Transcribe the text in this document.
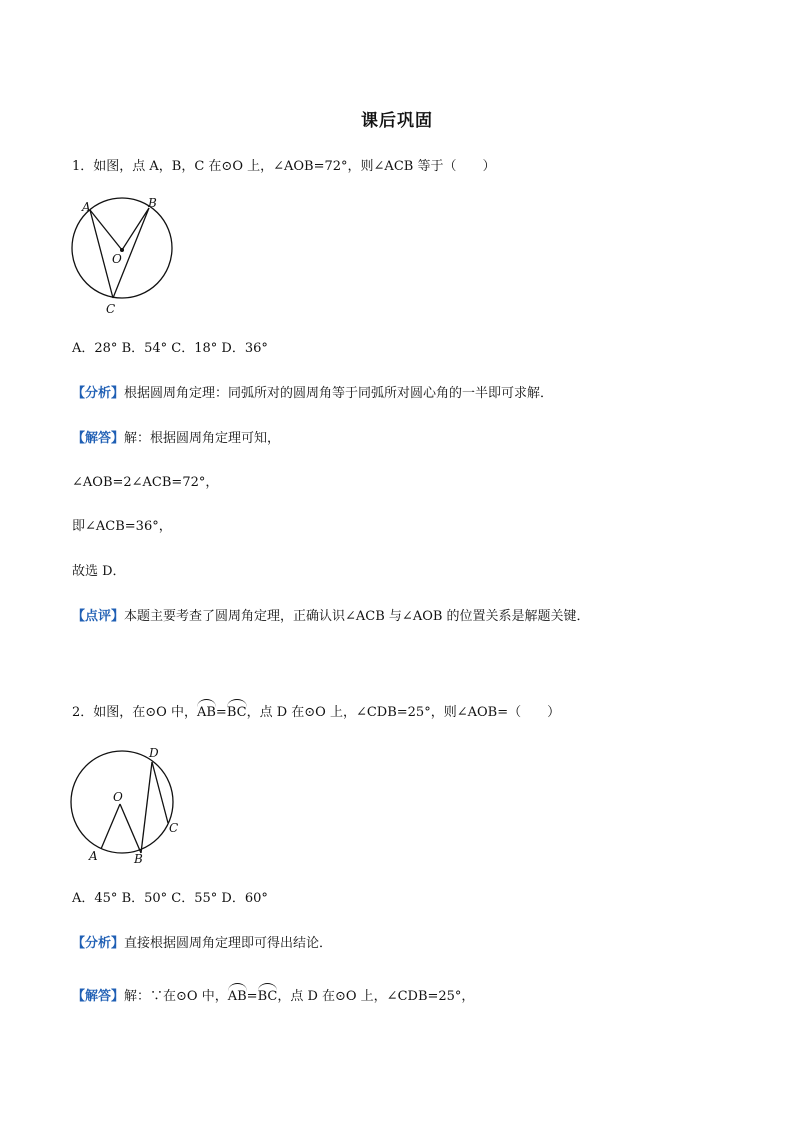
课后巩固
1．如图，点 A，B，C 在⊙O 上，∠AOB=72°，则∠ACB 等于（　　）
A	B
O
C
A．28° B．54° C．18° D．36°
【分析】根据圆周角定理：同弧所对的圆周角等于同弧所对圆心角的一半即可求解．
【解答】解：根据圆周角定理可知，
∠AOB=2∠ACB=72°，
即∠ACB=36°，
故选 D．
【点评】本题主要考查了圆周角定理，正确认识∠ACB 与∠AOB 的位置关系是解题关键．
2．如图，在⊙O 中，AB=BC，点 D 在⊙O 上，∠CDB=25°，则∠AOB=（　　）
D
O
C
A	B
A．45° B．50° C．55° D．60°
【分析】直接根据圆周角定理即可得出结论．
【解答】解：∵在⊙O 中，AB=BC，点 D 在⊙O 上，∠CDB=25°，
